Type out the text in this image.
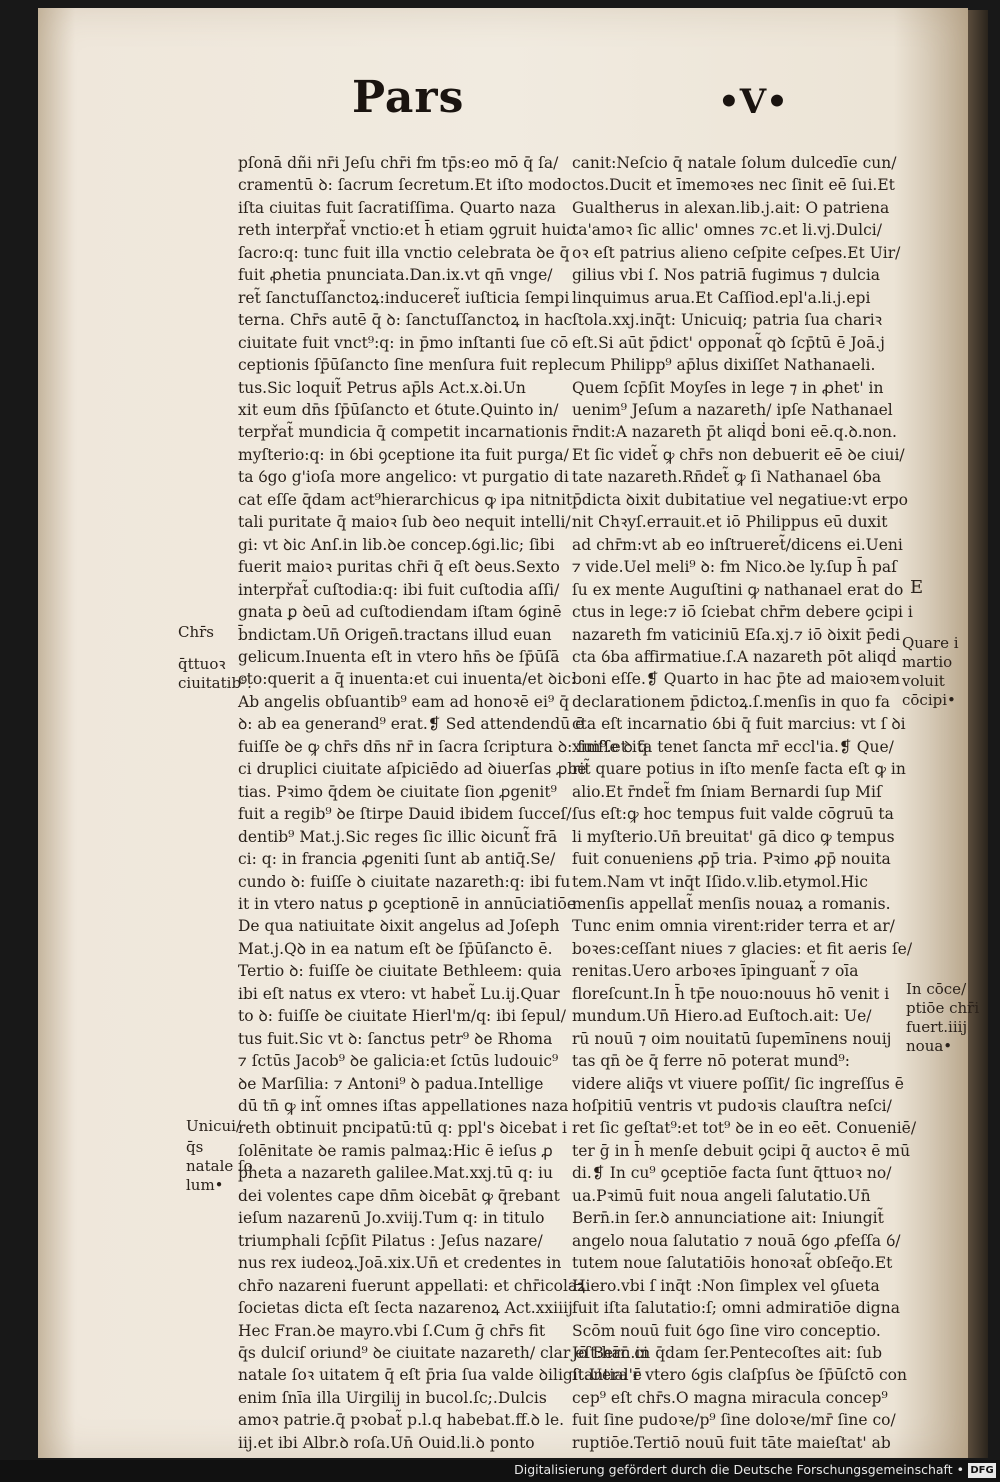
Pars	•V•
pſonā dñi nr̄i Jeſu chr̄i fm tp̄s:eo mō q̄ ſa/
cramentū ꝺ: ſacrum ſecretum.Et iſto modo
iſta ciuitas fuit ſacratiſſima. Quarto naza
reth interpřat̃ vnctio:et h̄ etiam ꝯgruit huic
ſacro:q: tunc fuit illa vnctio celebrata ꝺe q̄
fuit ꝓhetia pnunciata.Dan.ix.vt qn̄ vnge/
ret̃ ſanctuſſanctoꝝ:induceret̃ iuſticia ſempi
terna. Chr̄s autē q̄ ꝺ: ſanctuſſanctoꝝ in hac
ciuitate fuit vnct⁹:q: in p̄mo inſtanti ſue cō
ceptionis ſp̄ūſancto ſine menſura fuit reple
tus.Sic loquit̃ Petrus ap̄ls Act.x.ꝺi.Un
xit eum dn̄s ſp̄ūſancto et ỽtute.Quinto in/
terpřat̃ mundicia q̄ competit incarnationis
myſterio:q: in ỽbi ꝯceptione ita fuit purga/
ta ỽgo g'ioſa more angelico: vt purgatio di
cat eſſe q̄dam act⁹hierarchicus ꝙ ipa nitnit
tali puritate q̄ maioꝛ ſub ꝺeo nequit intelli/
gi: vt ꝺic Anſ.in lib.ꝺe concep.ỽgi.lic; ſibi
fuerit maioꝛ puritas chr̄i q̄ eſt ꝺeus.Sexto
interpřat̃ cuſtodia:q: ibi fuit cuſtodia aſſi/
gnata ꝑ ꝺeū ad cuſtodiendam iſtam ỽginē
b̄ndictam.Un̄ Origen̄.tractans illud euan
gelicum.Inuenta eſt in vtero hn̄s ꝺe ſp̄ūſā
cto:querit a q̄ inuenta:et cui inuenta/et ꝺic:
Ab angelis obſuantib⁹ eam ad honoꝛē ei⁹ q̄
ꝺ: ab ea generand⁹ erat.❡ Sed attendendū ē
fuiſſe ꝺe ꝙ chr̄s dn̄s nr̄ in ſacra ſcriptura ꝺ: fuiſſe ꝺ q̄
ci druplici ciuitate aſpiciēdo ad ꝺiuerſas ꝓbe
tias. Pꝛimo q̄dem ꝺe ciuitate ſion ꝓgenit⁹
fuit a regib⁹ ꝺe ſtirpe Dauid ibidem ſucceſ/
dentib⁹ Mat.j.Sic reges ſic illic ꝺicunt̃ frā
ci: q: in francia ꝓgeniti ſunt ab antiq̄.Se/
cundo ꝺ: fuiſſe ꝺ ciuitate nazareth:q: ibi fu
it in vtero natus ꝑ ꝯceptionē in annūciatiōe
De qua natiuitate ꝺixit angelus ad Joſeph
Mat.j.Qꝺ in ea natum eſt ꝺe ſp̄ūſancto ē.
Tertio ꝺ: fuiſſe ꝺe ciuitate Bethleem: quia
ibi eſt natus ex vtero: vt habet̃ Lu.ij.Quar
to ꝺ: fuiſſe ꝺe ciuitate Hierl'm/q: ibi ſepul/
tus fuit.Sic vt ꝺ: ſanctus petr⁹ ꝺe Rhoma
⁊ ſctūs Jacob⁹ ꝺe galicia:et ſctūs ludouic⁹
ꝺe Marſilia: ⁊ Antoni⁹ ꝺ padua.Intellige
dū tn̄ ꝙ int̃ omnes iſtas appellationes naza
reth obtinuit pncipatū:tū q: ppl's ꝺicebat i
ſolēnitate ꝺe ramis palmaꝝ:Hic ē ieſus ꝓ
pheta a nazareth galilee.Mat.xxj.tū q: iu
dei volentes cape dn̄m ꝺicebāt ꝙ q̄rebant
ieſum nazarenū Jo.xviij.Tum q: in titulo
triumphali ſcp̄ſit Pilatus : Jeſus nazare/
nus rex iudeoꝝ.Joā.xix.Un̄ et credentes in
chr̄o nazareni fuerunt appellati: et chr̄icolaꝝ
ſocietas dicta eſt ſecta nazarenoꝝ Act.xxiiij
Hec Fran.ꝺe mayro.vbi ſ.Cum ḡ chr̄s fit
q̄s dulciſ oriund⁹ ꝺe ciuitate nazareth/ clar eſt:hāc ci
natale ſoꝛ uitatem q̄ eſt p̄ria ſua valde ꝺiligit.Uera ē
enim ſnīa illa Uirgilij in bucol.ſc;.Dulcis
amoꝛ patrie.q̄ pꝛobat̃ p.l.q habebat.ff.ꝺ le.
iij.et ibi Albr.ꝺ roſa.Un̄ Ouid.li.ꝺ ponto
canit:Neſcio q̄ natale ſolum dulcedīe cun/
ctos.Ducit et īmemoꝛes nec ſinit eē ſui.Et
Gualtherus in alexan.lib.j.ait: O patriena
ta'amoꝛ ſic allic' omnes ⁊c.et li.vj.Dulci/
oꝛ eſt patrius alieno ceſpite ceſpes.Et Uir/
gilius vbi ſ. Nos patriā fugimus ⁊ dulcia
linquimus arua.Et Caſſiod.epl'a.li.j.epi
ſtola.xxj.inq̄t: Unicuiq; patria ſua chariꝛ
eſt.Si aūt p̄dict' opponat̃ qꝺ ſcp̄tū ē Joā.j
cum Philipp⁹ ap̄lus dixiſſet Nathanaeli.
Quem ſcp̄ſit Moyſes in lege ⁊ in ꝓhet' in
uenim⁹ Jeſum a nazareth/ ipſe Nathanael
r̄ndit:A nazareth p̄t aliqḋ boni eē.q.ꝺ.non.
Et ſic videt̃ ꝙ chr̄s non debuerit eē ꝺe ciui/
tate nazareth.Rn̄det̃ ꝙ ſi Nathanael ỽba
p̄dicta ꝺixit dubitatiue vel negatiue:vt erpo
nit Chꝛyſ.errauit.et iō Philippus eū duxit
ad chr̄m:vt ab eo inſtrueret̃/dicens ei.Ueni
⁊ vide.Uel meli⁹ ꝺ: fm Nico.ꝺe ly.ſup h̄ paſ
ſu ex mente Auguſtini ꝙ nathanael erat do
ctus in lege:⁊ iō ſciebat chr̄m debere ꝯcipi i
nazareth fm vaticiniū Eſa.xj.⁊ iō ꝺixit p̄edi
cta ỽba affirmatiue.ſ.A nazareth pōt aliqḋ
boni eſſe.❡ Quarto in hac p̄te ad maioꝛem
declarationem p̄dictoꝝ.ſ.menſis in quo fa
cta eſt incarnatio ỽbi q̄ fuit marcius: vt ſ ꝺi
xim⁹.et ita tenet ſancta mr̄ eccl'ia.❡ Que/
rit̃ quare potius in iſto menſe facta eſt ꝙ in
alio.Et r̄ndet̃ fm ſniam Bernardi ſup Miſ
ſus eſt:ꝙ hoc tempus fuit valde cōgruū ta
li myſterio.Un̄ breuitat' gā dico ꝙ tempus
fuit conueniens ꝓp̄ tria. Pꝛimo ꝓp̄ nouita
tem.Nam vt inq̄t Iſido.v.lib.etymol.Hic
menſis appellat̃ menſis nouaꝝ a romanis.
Tunc enim omnia virent:rider terra et ar/
boꝛes:ceſſant niues ⁊ glacies: et fit aeris ſe/
renitas.Uero arboꝛes īpinguant̃ ⁊ oīa
floreſcunt.In h̄ tp̄e nouo:nouus hō venit i
mundum.Un̄ Hiero.ad Euſtoch.ait: Ue/
rū nouū ⁊ oim nouitatū ſupemīnens nouij
tas qn̄ ꝺe q̄ ferre nō poterat mund⁹:
videre aliq̄s vt viuere poſſit/ ſic ingreſſus ē
hoſpitiū ventris vt pudoꝛis clauſtra neſci/
ret ſic geſtat⁹:et tot⁹ ꝺe in eo eēt. Conueniē/
ter ḡ in h̄ menſe debuit ꝯcipi q̄ auctoꝛ ē mū
di.❡ In cu⁹ ꝯceptiōe facta ſunt q̄ttuoꝛ no/
ua.Pꝛimū fuit noua angeli ſalutatio.Un̄
Bern̄.in ſer.ꝺ annunciatione ait: Iniungit̃
angelo noua ſalutatio ⁊ nouā ỽgo ꝓfeſſa ỽ/
tutem noue ſalutatiōis honoꝛat̃ obſeq̄o.Et
Hiero.vbi ſ inq̄t :Non ſimplex vel ꝯſueta
fuit iſta ſalutatio:ſ; omni admiratiōe digna
Scōm nouū fuit ỽgo ſine viro conceptio.
Jō Bern̄.in q̄dam ſer.Pentecoſtes ait: ſub
ſtantial'r vtero ỽgis claſpſus ꝺe ſp̄ūſctō con
cep⁹ eſt chr̄s.O magna miracula concep⁹
fuit ſine pudoꝛe/p⁹ ſine doloꝛe/mr̄ ſine co/
ruptiōe.Tertiō nouū fuit tāte maieſtat' ab
Chr̄s
q̄ttuoꝛ
ciuitatib⁹.
Unicui/
q̄s
natale ſo
lum•
E
Quare i
martio
voluit
cōcipi•
In cōce/
ptiōe chr̄i
fuert.iiij
noua•
Digitalisierung gefördert durch die Deutsche Forschungsgemeinschaft • DFG
